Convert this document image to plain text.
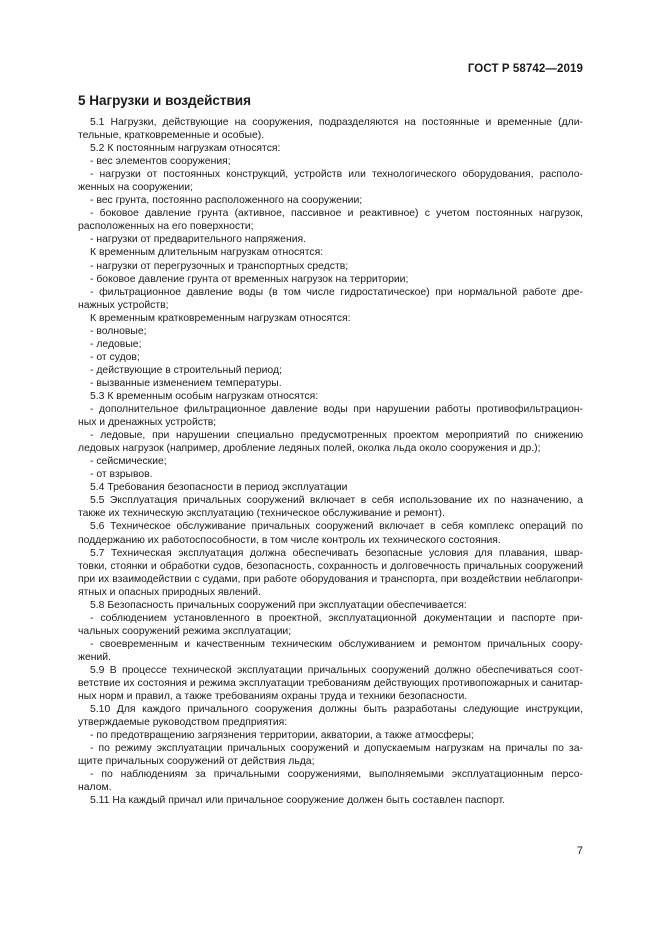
ГОСТ Р 58742—2019
5 Нагрузки и воздействия
5.1 Нагрузки, действующие на сооружения, подразделяются на постоянные и временные (дли-
тельные, кратковременные и особые).
5.2 К постоянным нагрузкам относятся:
- вес элементов сооружения;
- нагрузки от постоянных конструкций, устройств или технологического оборудования, располо-
женных на сооружении;
- вес грунта, постоянно расположенного на сооружении;
- боковое давление грунта (активное, пассивное и реактивное) с учетом постоянных нагрузок,
расположенных на его поверхности;
- нагрузки от предварительного напряжения.
К временным длительным нагрузкам относятся:
- нагрузки от перегрузочных и транспортных средств;
- боковое давление грунта от временных нагрузок на территории;
- фильтрационное давление воды (в том числе гидростатическое) при нормальной работе дре-
нажных устройств;
К временным кратковременным нагрузкам относятся:
- волновые;
- ледовые;
- от судов;
- действующие в строительный период;
- вызванные изменением температуры.
5.3 К временным особым нагрузкам относятся:
- дополнительное фильтрационное давление воды при нарушении работы противофильтрацион-
ных и дренажных устройств;
- ледовые, при нарушении специально предусмотренных проектом мероприятий по снижению
ледовых нагрузок (например, дробление ледяных полей, околка льда около сооружения и др.);
- сейсмические;
- от взрывов.
5.4 Требования безопасности в период эксплуатации
5.5 Эксплуатация причальных сооружений включает в себя использование их по назначению, а
также их техническую эксплуатацию (техническое обслуживание и ремонт).
5.6 Техническое обслуживание причальных сооружений включает в себя комплекс операций по
поддержанию их работоспособности, в том числе контроль их технического состояния.
5.7 Техническая эксплуатация должна обеспечивать безопасные условия для плавания, швар-
товки, стоянки и обработки судов, безопасность, сохранность и долговечность причальных сооружений
при их взаимодействии с судами, при работе оборудования и транспорта, при воздействии неблагопри-
ятных и опасных природных явлений.
5.8 Безопасность причальных сооружений при эксплуатации обеспечивается:
- соблюдением установленного в проектной, эксплуатационной документации и паспорте при-
чальных сооружений режима эксплуатации;
- своевременным и качественным техническим обслуживанием и ремонтом причальных соору-
жений.
5.9 В процессе технической эксплуатации причальных сооружений должно обеспечиваться соот-
ветствие их состояния и режима эксплуатации требованиям действующих противопожарных и санитар-
ных норм и правил, а также требованиям охраны труда и техники безопасности.
5.10 Для каждого причального сооружения должны быть разработаны следующие инструкции,
утверждаемые руководством предприятия:
- по предотвращению загрязнения территории, акватории, а также атмосферы;
- по режиму эксплуатации причальных сооружений и допускаемым нагрузкам на причалы по за-
щите причальных сооружений от действия льда;
- по наблюдениям за причальными сооружениями, выполняемыми эксплуатационным персо-
налом.
5.11 На каждый причал или причальное сооружение должен быть составлен паспорт.
7
